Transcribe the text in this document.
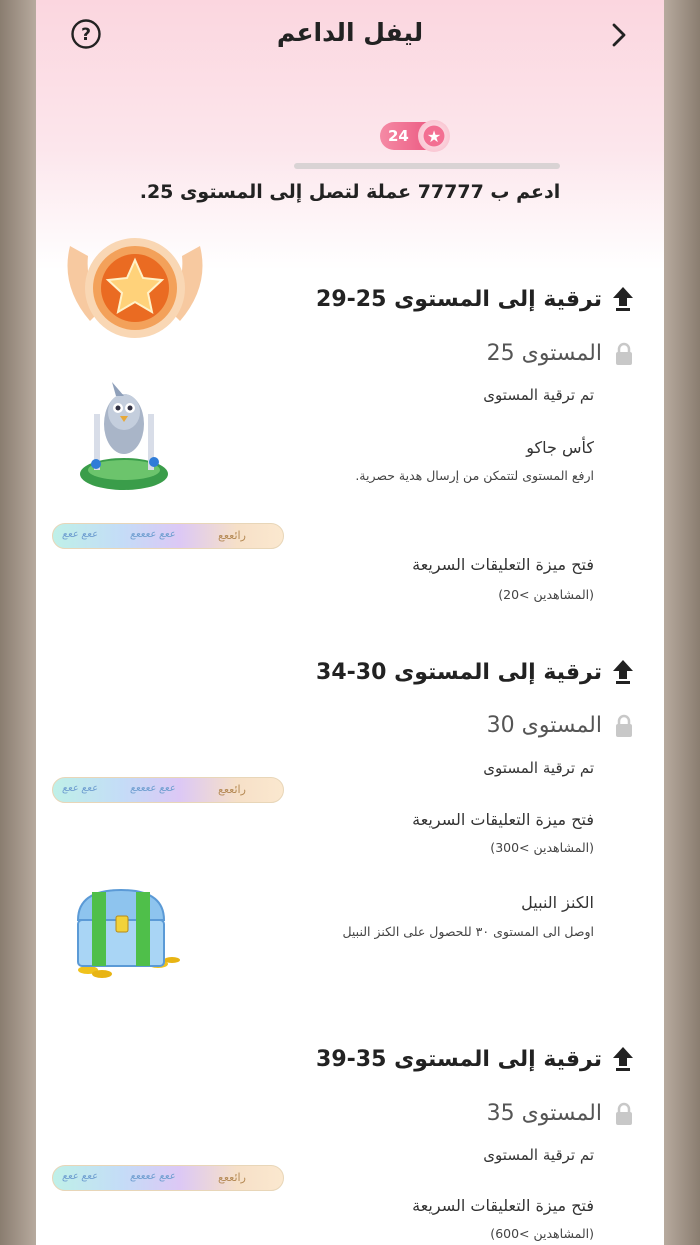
ليفل الداعم
?
24	★
ادعم ب 77777 عملة لتصل إلى المستوى 25.
ترقية إلى المستوى 25-29
المستوى 25
تم ترقية المستوى
كأس جاكو
ارفع المستوى لتتمكن من إرسال هدية حصرية.
ععع ععع	ععع ععععع	رائععع
فتح ميزة التعليقات السريعة
(المشاهدين >20)
ترقية إلى المستوى 30-34
المستوى 30
تم ترقية المستوى
ععع ععع	ععع ععععع	رائععع
فتح ميزة التعليقات السريعة
(المشاهدين >300)
الكنز النبيل
اوصل الى المستوى ٣٠ للحصول على الكنز النبيل
ترقية إلى المستوى 35-39
المستوى 35
تم ترقية المستوى
ععع ععع	ععع ععععع	رائععع
فتح ميزة التعليقات السريعة
(المشاهدين >600)
